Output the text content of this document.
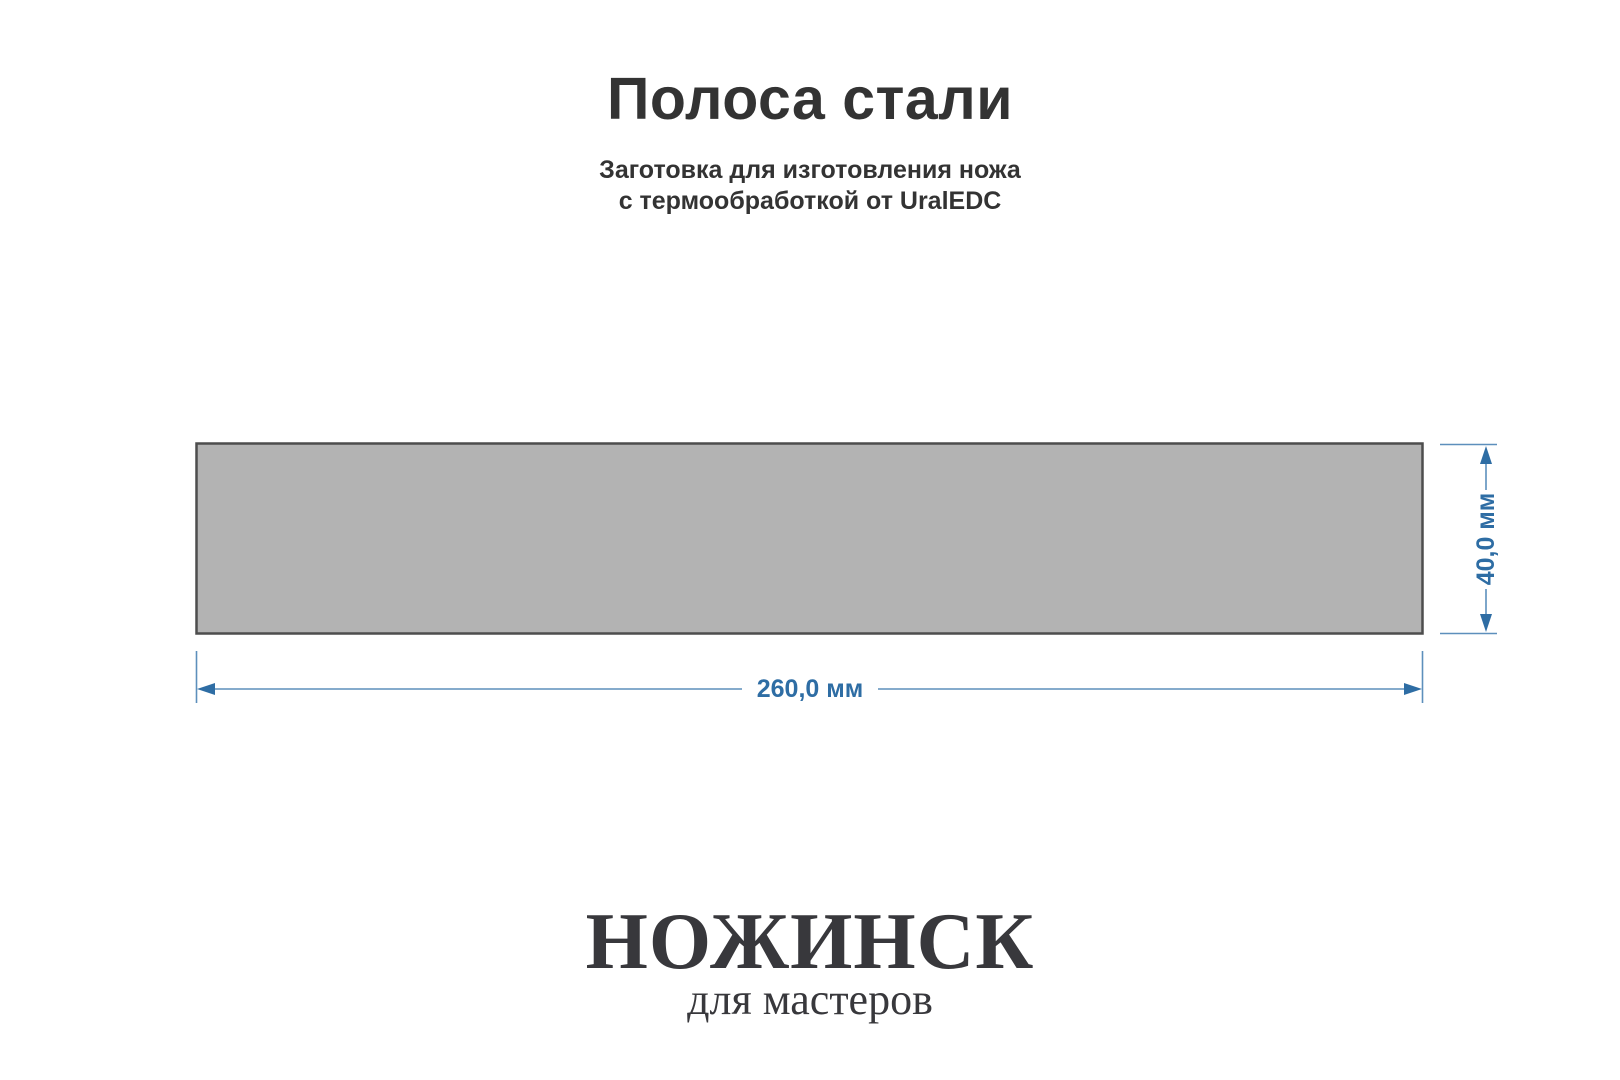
Полоса стали
Заготовка для изготовления ножа
с термообработкой от UralEDC
40,0 мм
260,0 мм
НОЖИНСК
для мастеров
